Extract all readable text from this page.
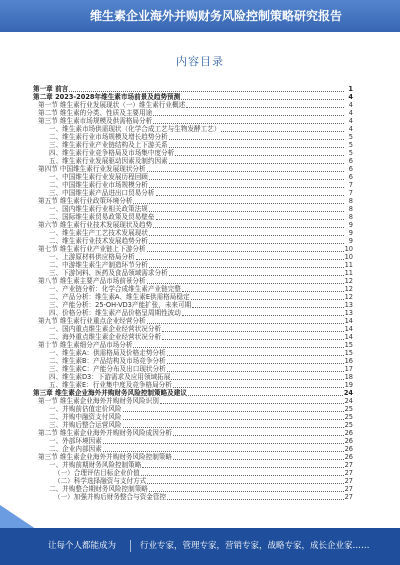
维生素企业海外并购财务风险控制策略研究报告
内容目录
第一章 前言	1
第二章 2023-2028年维生素市场前景及趋势预测	4
第一节 维生素行业发展现状（一）维生素行业概述	4
第二节 维生素的分类、性质及主要用途	4
第三节 维生素市场规模及供需格局分析	4
一、维生素市场供需现状（化学合成工艺与生物发酵工艺）	4
二、维生素行业市场规模及增长趋势分析	5
三、维生素行业产业链结构及上下游关系	5
四、维生素行业竞争格局及市场集中度分析	5
五、维生素行业发展驱动因素及制约因素	6
第四节 中国维生素行业发展现状分析	6
一、中国维生素行业发展历程回顾	6
二、中国维生素行业市场规模分析	7
三、中国维生素产品进出口贸易分析	7
第五节 维生素行业政策环境分析	8
一、国内维生素行业相关政策法规	8
二、国际维生素贸易政策及贸易壁垒	8
第六节 维生素行业技术发展现状及趋势	9
一、维生素生产工艺技术发展现状	9
二、维生素行业技术发展趋势分析	9
第七节 维生素行业产业链上下游分析	10
一、上游原材料供应格局分析	10
二、中游维生素生产制造环节分析	11
三、下游饲料、医药及食品领域需求分析	11
第八节 维生素主要产品市场前景分析	12
一、产业链分析：化学合成维生素产业链完整	12
二、产品分析：维生素A、维生素E供需格局稳定	12
三、产能分析：25-OH-VD3产能扩张，未来可期	13
四、价格分析：维生素产品价格呈周期性波动	13
第九节 维生素行业重点企业经营分析	14
一、国内重点维生素企业经营状况分析	14
二、海外重点维生素企业经营状况分析	14
第十节 维生素细分产品市场分析	15
一、维生素A：供需格局及价格走势分析	15
二、维生素B：产品结构及市场竞争分析	16
三、维生素C：产能分布及出口现状分析	17
四、维生素D3：下游需求及应用领域拓展	18
五、维生素E：行业集中度及竞争格局分析	19
第三章 维生素企业海外并购财务风险控制策略及建议	24
第一节 维生素企业海外并购财务风险识别	24
一、并购前估值定价风险	25
二、并购中融资支付风险	25
三、并购后整合运营风险	25
第二节 维生素企业海外并购财务风险成因分析	26
一、外部环境因素	26
二、企业内部因素	26
第三节 维生素企业海外并购财务风险控制策略	26
一、并购前期财务风险控制策略	27
（一）合理评估目标企业价值	27
（二）科学选择融资与支付方式	27
二、并购整合期财务风险控制策略	27
（一）加强并购后财务整合与资金管控	27
让每个人都能成为	行业专家，管理专家，营销专家，战略专家，成长企业家……
